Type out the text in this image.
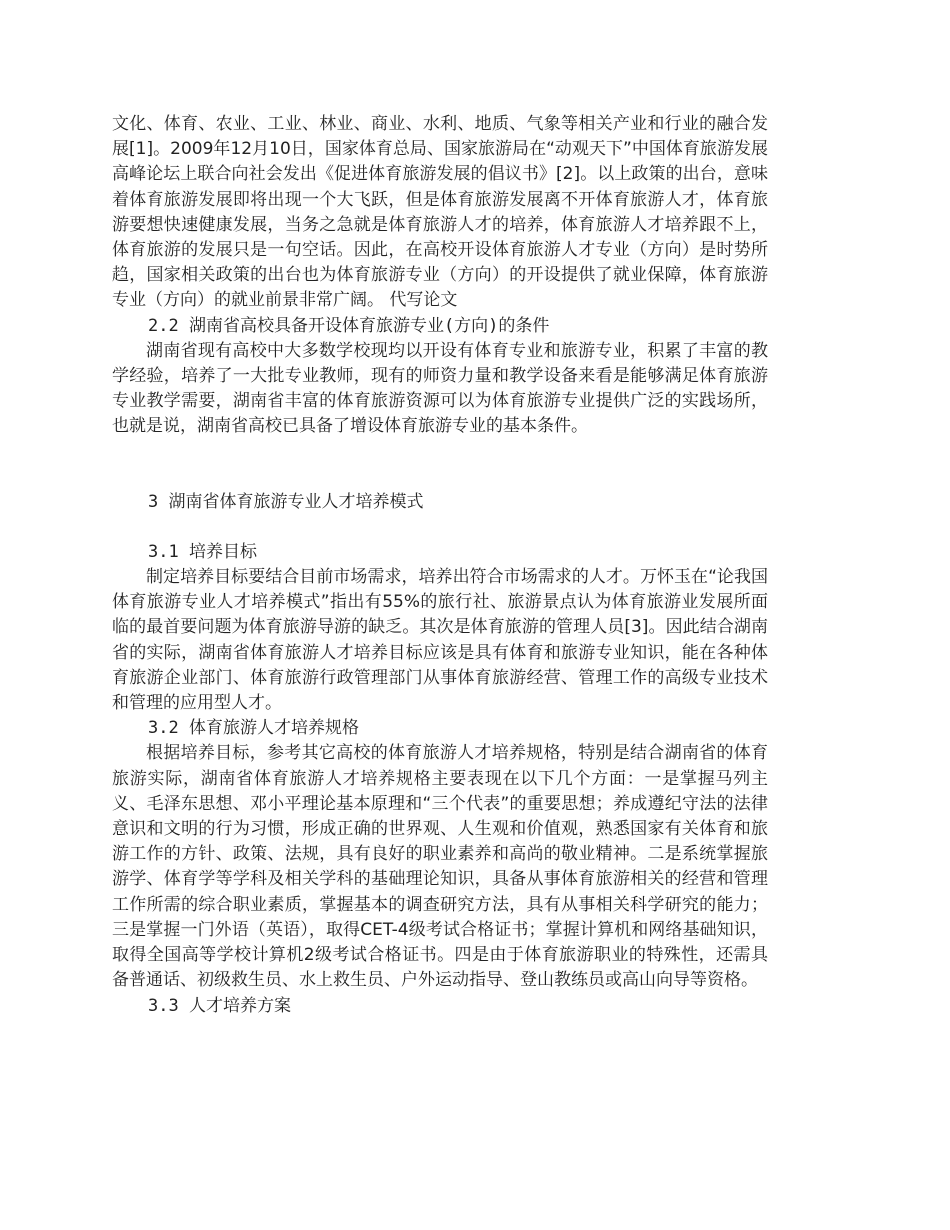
文化、体育、农业、工业、林业、商业、水利、地质、气象等相关产业和行业的融合发展[1]。2009年12月10日，国家体育总局、国家旅游局在“动观天下”中国体育旅游发展高峰论坛上联合向社会发出《促进体育旅游发展的倡议书》[2]。以上政策的出台，意味着体育旅游发展即将出现一个大飞跃，但是体育旅游发展离不开体育旅游人才，体育旅游要想快速健康发展，当务之急就是体育旅游人才的培养，体育旅游人才培养跟不上，体育旅游的发展只是一句空话。因此，在高校开设体育旅游人才专业（方向）是时势所趋，国家相关政策的出台也为体育旅游专业（方向）的开设提供了就业保障，体育旅游专业（方向）的就业前景非常广阔。 代写论文

2.2 湖南省高校具备开设体育旅游专业(方向)的条件

湖南省现有高校中大多数学校现均以开设有体育专业和旅游专业，积累了丰富的教学经验，培养了一大批专业教师，现有的师资力量和教学设备来看是能够满足体育旅游专业教学需要，湖南省丰富的体育旅游资源可以为体育旅游专业提供广泛的实践场所，也就是说，湖南省高校已具备了增设体育旅游专业的基本条件。

3 湖南省体育旅游专业人才培养模式

3.1 培养目标

制定培养目标要结合目前市场需求，培养出符合市场需求的人才。万怀玉在“论我国体育旅游专业人才培养模式”指出有55%的旅行社、旅游景点认为体育旅游业发展所面临的最首要问题为体育旅游导游的缺乏。其次是体育旅游的管理人员[3]。因此结合湖南省的实际，湖南省体育旅游人才培养目标应该是具有体育和旅游专业知识，能在各种体育旅游企业部门、体育旅游行政管理部门从事体育旅游经营、管理工作的高级专业技术和管理的应用型人才。

3.2 体育旅游人才培养规格

根据培养目标，参考其它高校的体育旅游人才培养规格，特别是结合湖南省的体育旅游实际，湖南省体育旅游人才培养规格主要表现在以下几个方面：一是掌握马列主义、毛泽东思想、邓小平理论基本原理和“三个代表”的重要思想；养成遵纪守法的法律意识和文明的行为习惯，形成正确的世界观、人生观和价值观，熟悉国家有关体育和旅游工作的方针、政策、法规，具有良好的职业素养和高尚的敬业精神。二是系统掌握旅游学、体育学等学科及相关学科的基础理论知识，具备从事体育旅游相关的经营和管理工作所需的综合职业素质，掌握基本的调查研究方法，具有从事相关科学研究的能力；三是掌握一门外语（英语），取得CET-4级考试合格证书；掌握计算机和网络基础知识，取得全国高等学校计算机2级考试合格证书。四是由于体育旅游职业的特殊性，还需具备普通话、初级救生员、水上救生员、户外运动指导、登山教练员或高山向导等资格。

3.3 人才培养方案
